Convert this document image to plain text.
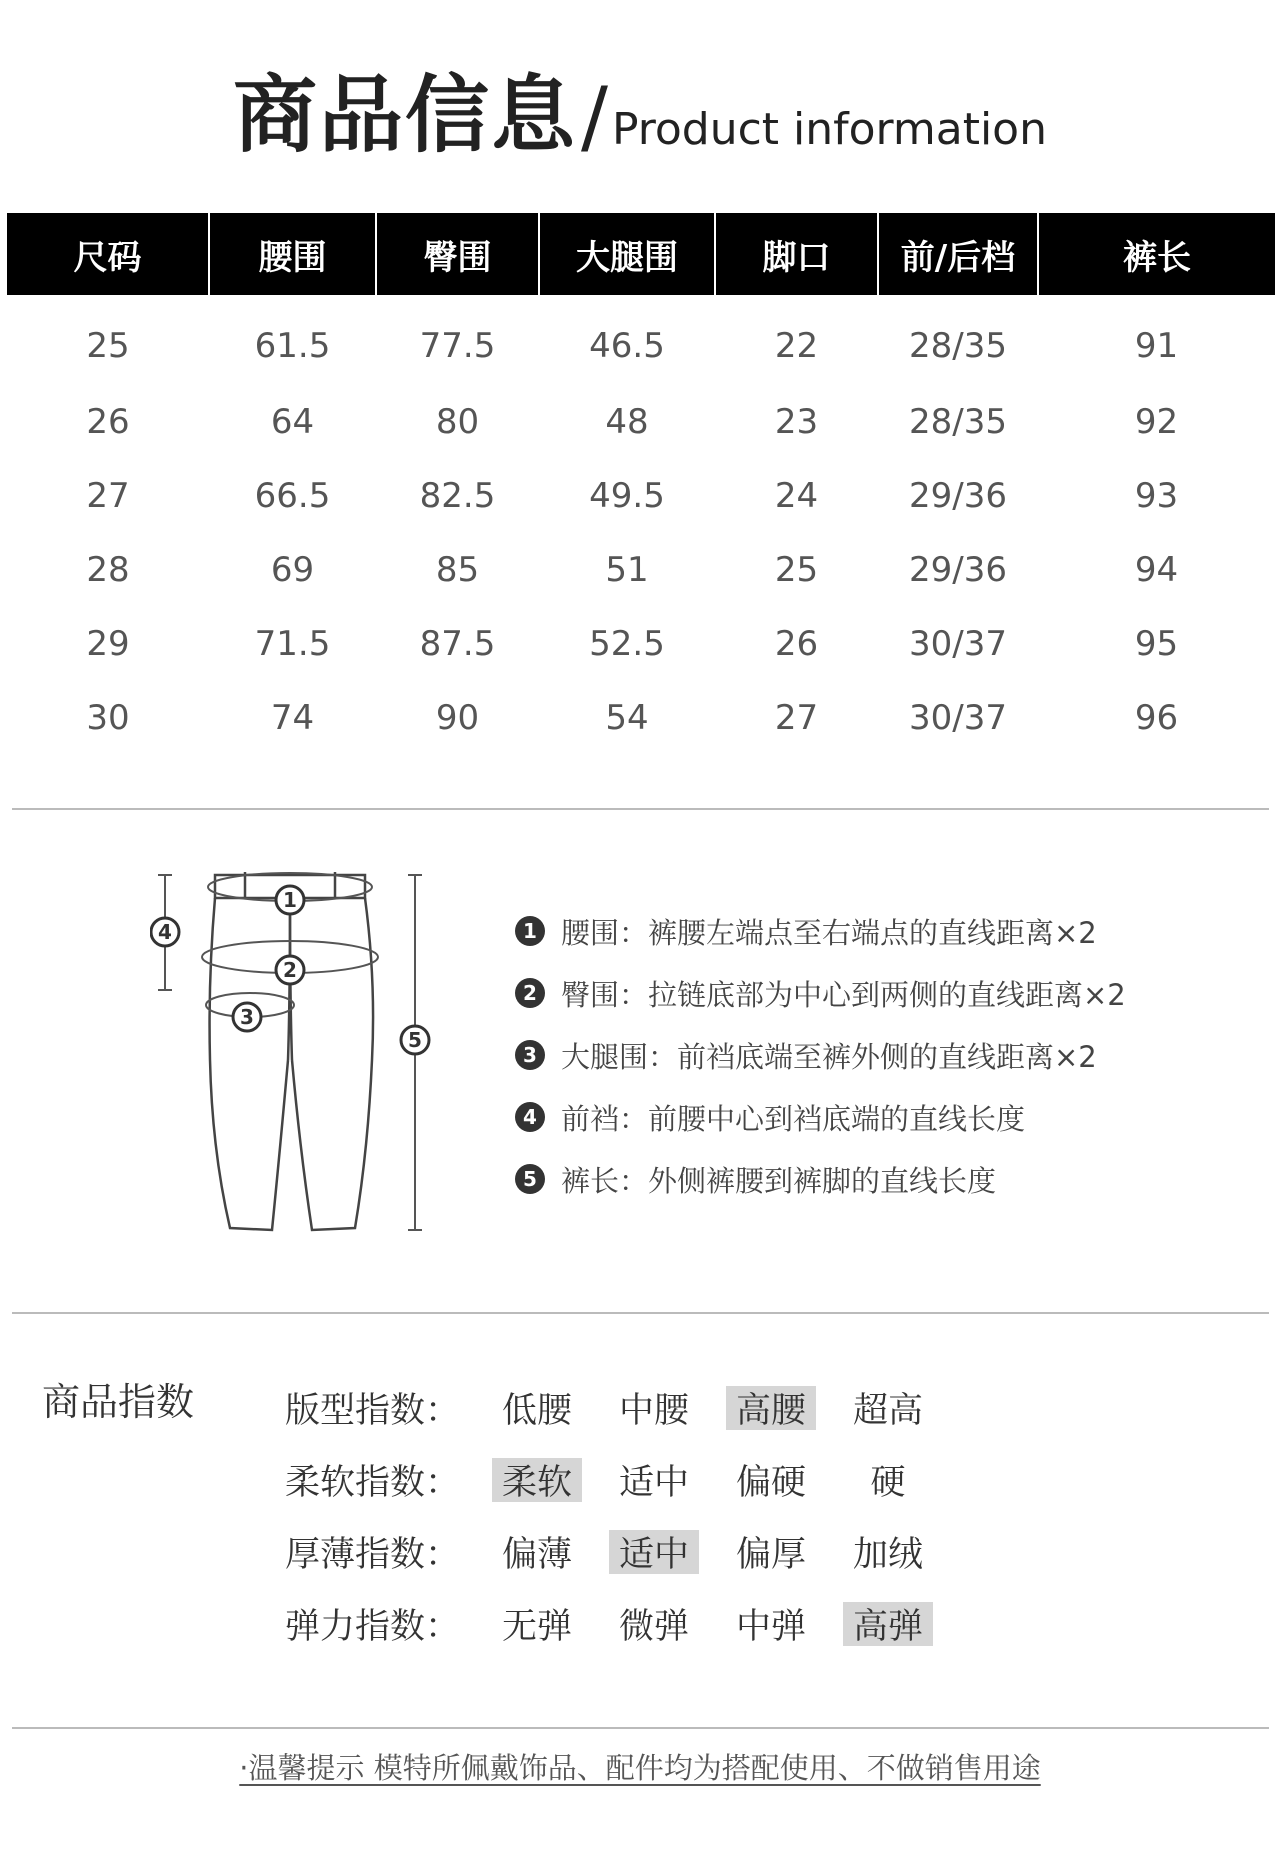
商品信息/Product information
尺码	腰围	臀围	大腿围	脚口	前/后档	裤长
25	61.5	77.5	46.5	22	28/35	91
26	64	80	48	23	28/35	92
27	66.5	82.5	49.5	24	29/36	93
28	69	85	51	25	29/36	94
29	71.5	87.5	52.5	26	30/37	95
30	74	90	54	27	30/37	96
1
2
3
4
5
1 腰围：裤腰左端点至右端点的直线距离×2
2 臀围：拉链底部为中心到两侧的直线距离×2
3 大腿围：前裆底端至裤外侧的直线距离×2
4 前裆：前腰中心到裆底端的直线长度
5 裤长：外侧裤腰到裤脚的直线长度
商品指数	版型指数： 低腰 中腰 高腰 超高
柔软指数： 柔软 适中 偏硬	硬
厚薄指数： 偏薄 适中 偏厚 加绒
弹力指数： 无弹 微弹 中弹 高弹
·温馨提示 模特所佩戴饰品、配件均为搭配使用、不做销售用途
